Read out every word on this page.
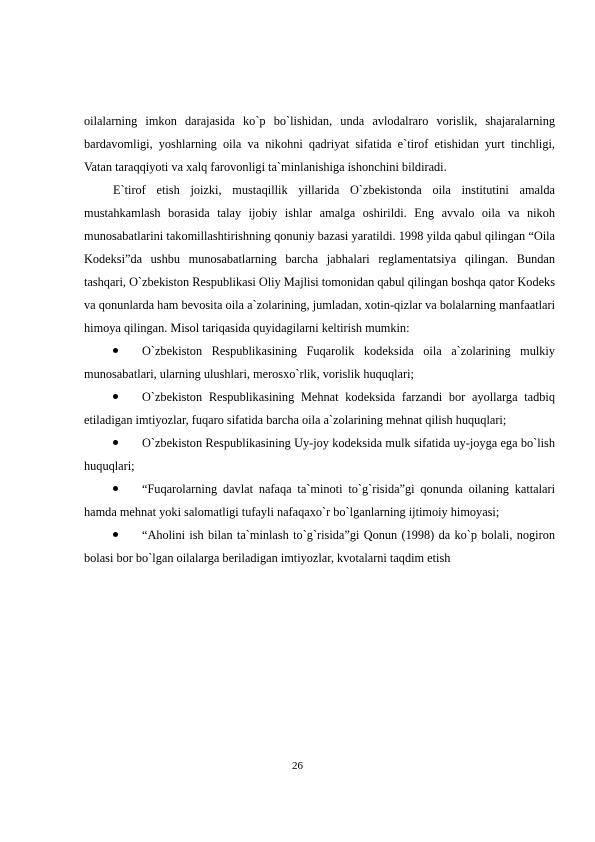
oilalarning imkon darajasida ko`p bo`lishidan, unda avlodalraro vorislik, shajaralarning bardavomligi, yoshlarning oila va nikohni qadriyat sifatida e`tirof etishidan yurt tinchligi, Vatan taraqqiyoti va xalq farovonligi ta`minlanishiga ishonchini bildiradi.

E`tirof etish joizki, mustaqillik yillarida O`zbekistonda oila institutini amalda mustahkamlash borasida talay ijobiy ishlar amalga oshirildi. Eng avvalo oila va nikoh munosabatlarini takomillashtirishning qonuniy bazasi yaratildi. 1998 yilda qabul qilingan “Oila Kodeksi”da ushbu munosabatlarning barcha jabhalari reglamentatsiya qilingan. Bundan tashqari, O`zbekiston Respublikasi Oliy Majlisi tomonidan qabul qilingan boshqa qator Kodeks va qonunlarda ham bevosita oila a`zolarining, jumladan, xotin-qizlar va bolalarning manfaatlari himoya qilingan. Misol tariqasida quyidagilarni keltirish mumkin:

O`zbekiston Respublikasining Fuqarolik kodeksida oila a`zolarining mulkiy munosabatlari, ularning ulushlari, merosxo`rlik, vorislik huquqlari;
O`zbekiston Respublikasining Mehnat kodeksida farzandi bor ayollarga tadbiq etiladigan imtiyozlar, fuqaro sifatida barcha oila a`zolarining mehnat qilish huquqlari;
O`zbekiston Respublikasining Uy-joy kodeksida mulk sifatida uy-joyga ega bo`lish huquqlari;
“Fuqarolarning davlat nafaqa ta`minoti to`g`risida”gi qonunda oilaning kattalari hamda mehnat yoki salomatligi tufayli nafaqaxo`r bo`lganlarning ijtimoiy himoyasi;
“Aholini ish bilan ta`minlash to`g`risida”gi Qonun (1998) da ko`p bolali, nogiron bolasi bor bo`lgan oilalarga beriladigan imtiyozlar, kvotalarni taqdim etish
26
